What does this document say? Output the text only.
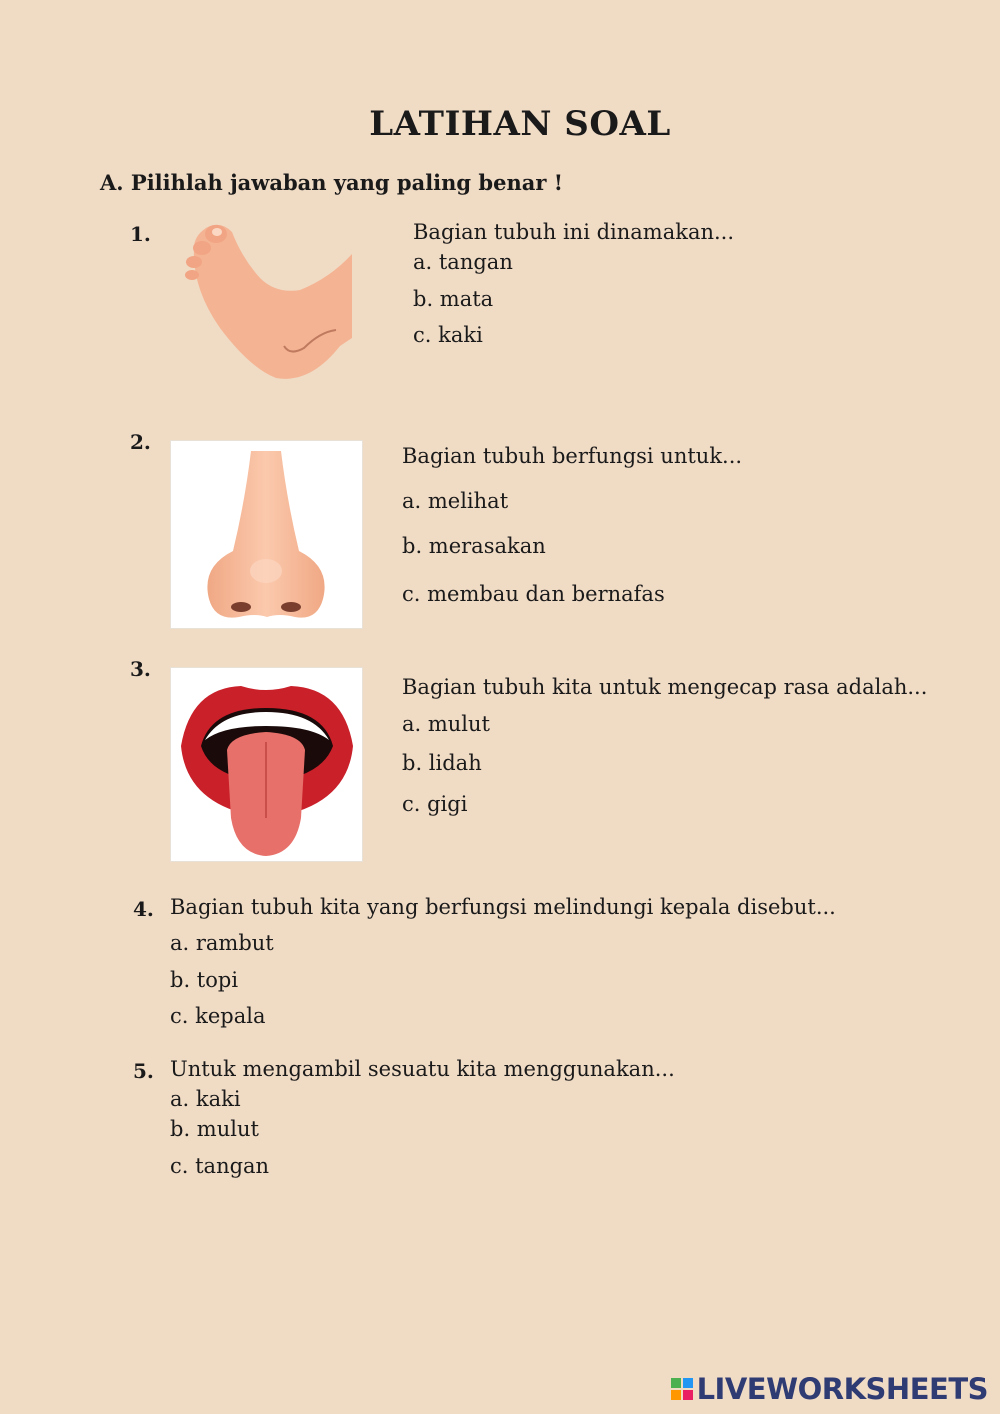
LATIHAN SOAL
A. Pilihlah jawaban yang paling benar !
1.	Bagian tubuh ini dinamakan...
a. tangan
b. mata
c. kaki
2.
Bagian tubuh berfungsi untuk...
a. melihat
b. merasakan
c. membau dan bernafas
3.
Bagian tubuh kita untuk mengecap rasa adalah...
a. mulut
b. lidah
c. gigi
4. Bagian tubuh kita yang berfungsi melindungi kepala disebut...
a. rambut
b. topi
c. kepala
5. Untuk mengambil sesuatu kita menggunakan...
a. kaki
b. mulut
c. tangan
LIVEWORKSHEETS
